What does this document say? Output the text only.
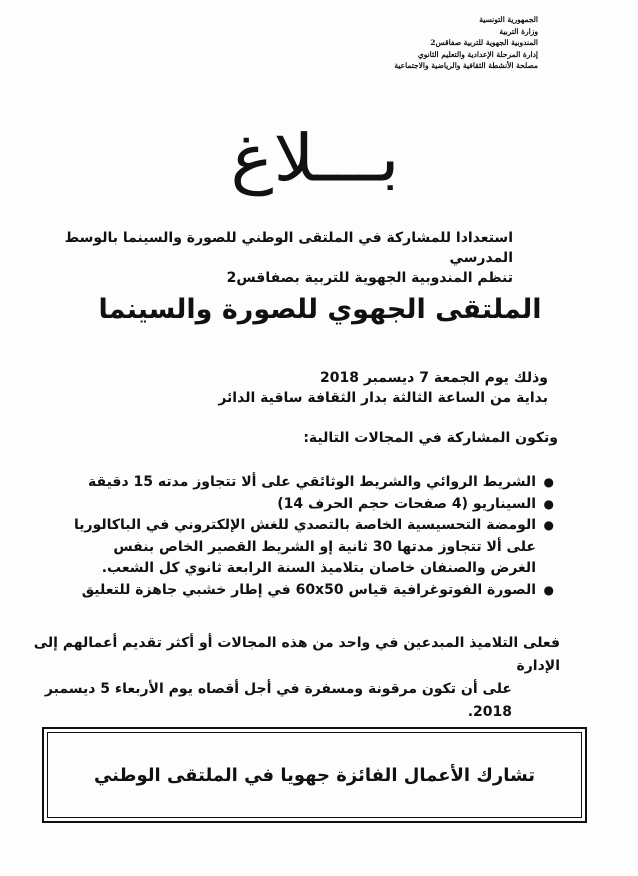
الجمهورية التونسية
وزارة التربية
المندوبية الجهوية للتربية صفاقس2
إدارة المرحلة الإعدادية والتعليم الثانوي
مصلحة الأنشطة الثقافية والرياضية والاجتماعية
بـــلاغ
استعدادا للمشاركة في الملتقى الوطني للصورة والسينما بالوسط المدرسي
تنظم المندوبية الجهوية للتربية بصفاقس2
الملتقى الجهوي للصورة والسينما
وذلك يوم الجمعة 7 ديسمبر 2018
بداية من الساعة الثالثة بدار الثقافة ساقية الدائر
وتكون المشاركة في المجالات التالية:
●
الشريط الروائي والشريط الوثائقي على ألا تتجاوز مدته 15 دقيقة
●
السيناريو (4 صفحات حجم الحرف 14)
●
الومضة التحسيسية الخاصة بالتصدي للغش الإلكتروني في الباكالوريا على ألا تتجاوز مدتها 30 ثانية إو الشريط القصير الخاص بنفس الغرض والصنفان خاصان بتلاميذ السنة الرابعة ثانوي كل الشعب.
●
الصورة الفوتوغرافية قياس 60x50 في إطار خشبي جاهزة للتعليق
فعلى التلاميذ المبدعين في واحد من هذه المجالات أو أكثر تقديم أعمالهم إلى الإدارة
على أن تكون مرقونة ومسفرة في أجل أقصاه يوم الأربعاء 5 ديسمبر 2018.
تشارك الأعمال الفائزة جهويا في الملتقى الوطني
